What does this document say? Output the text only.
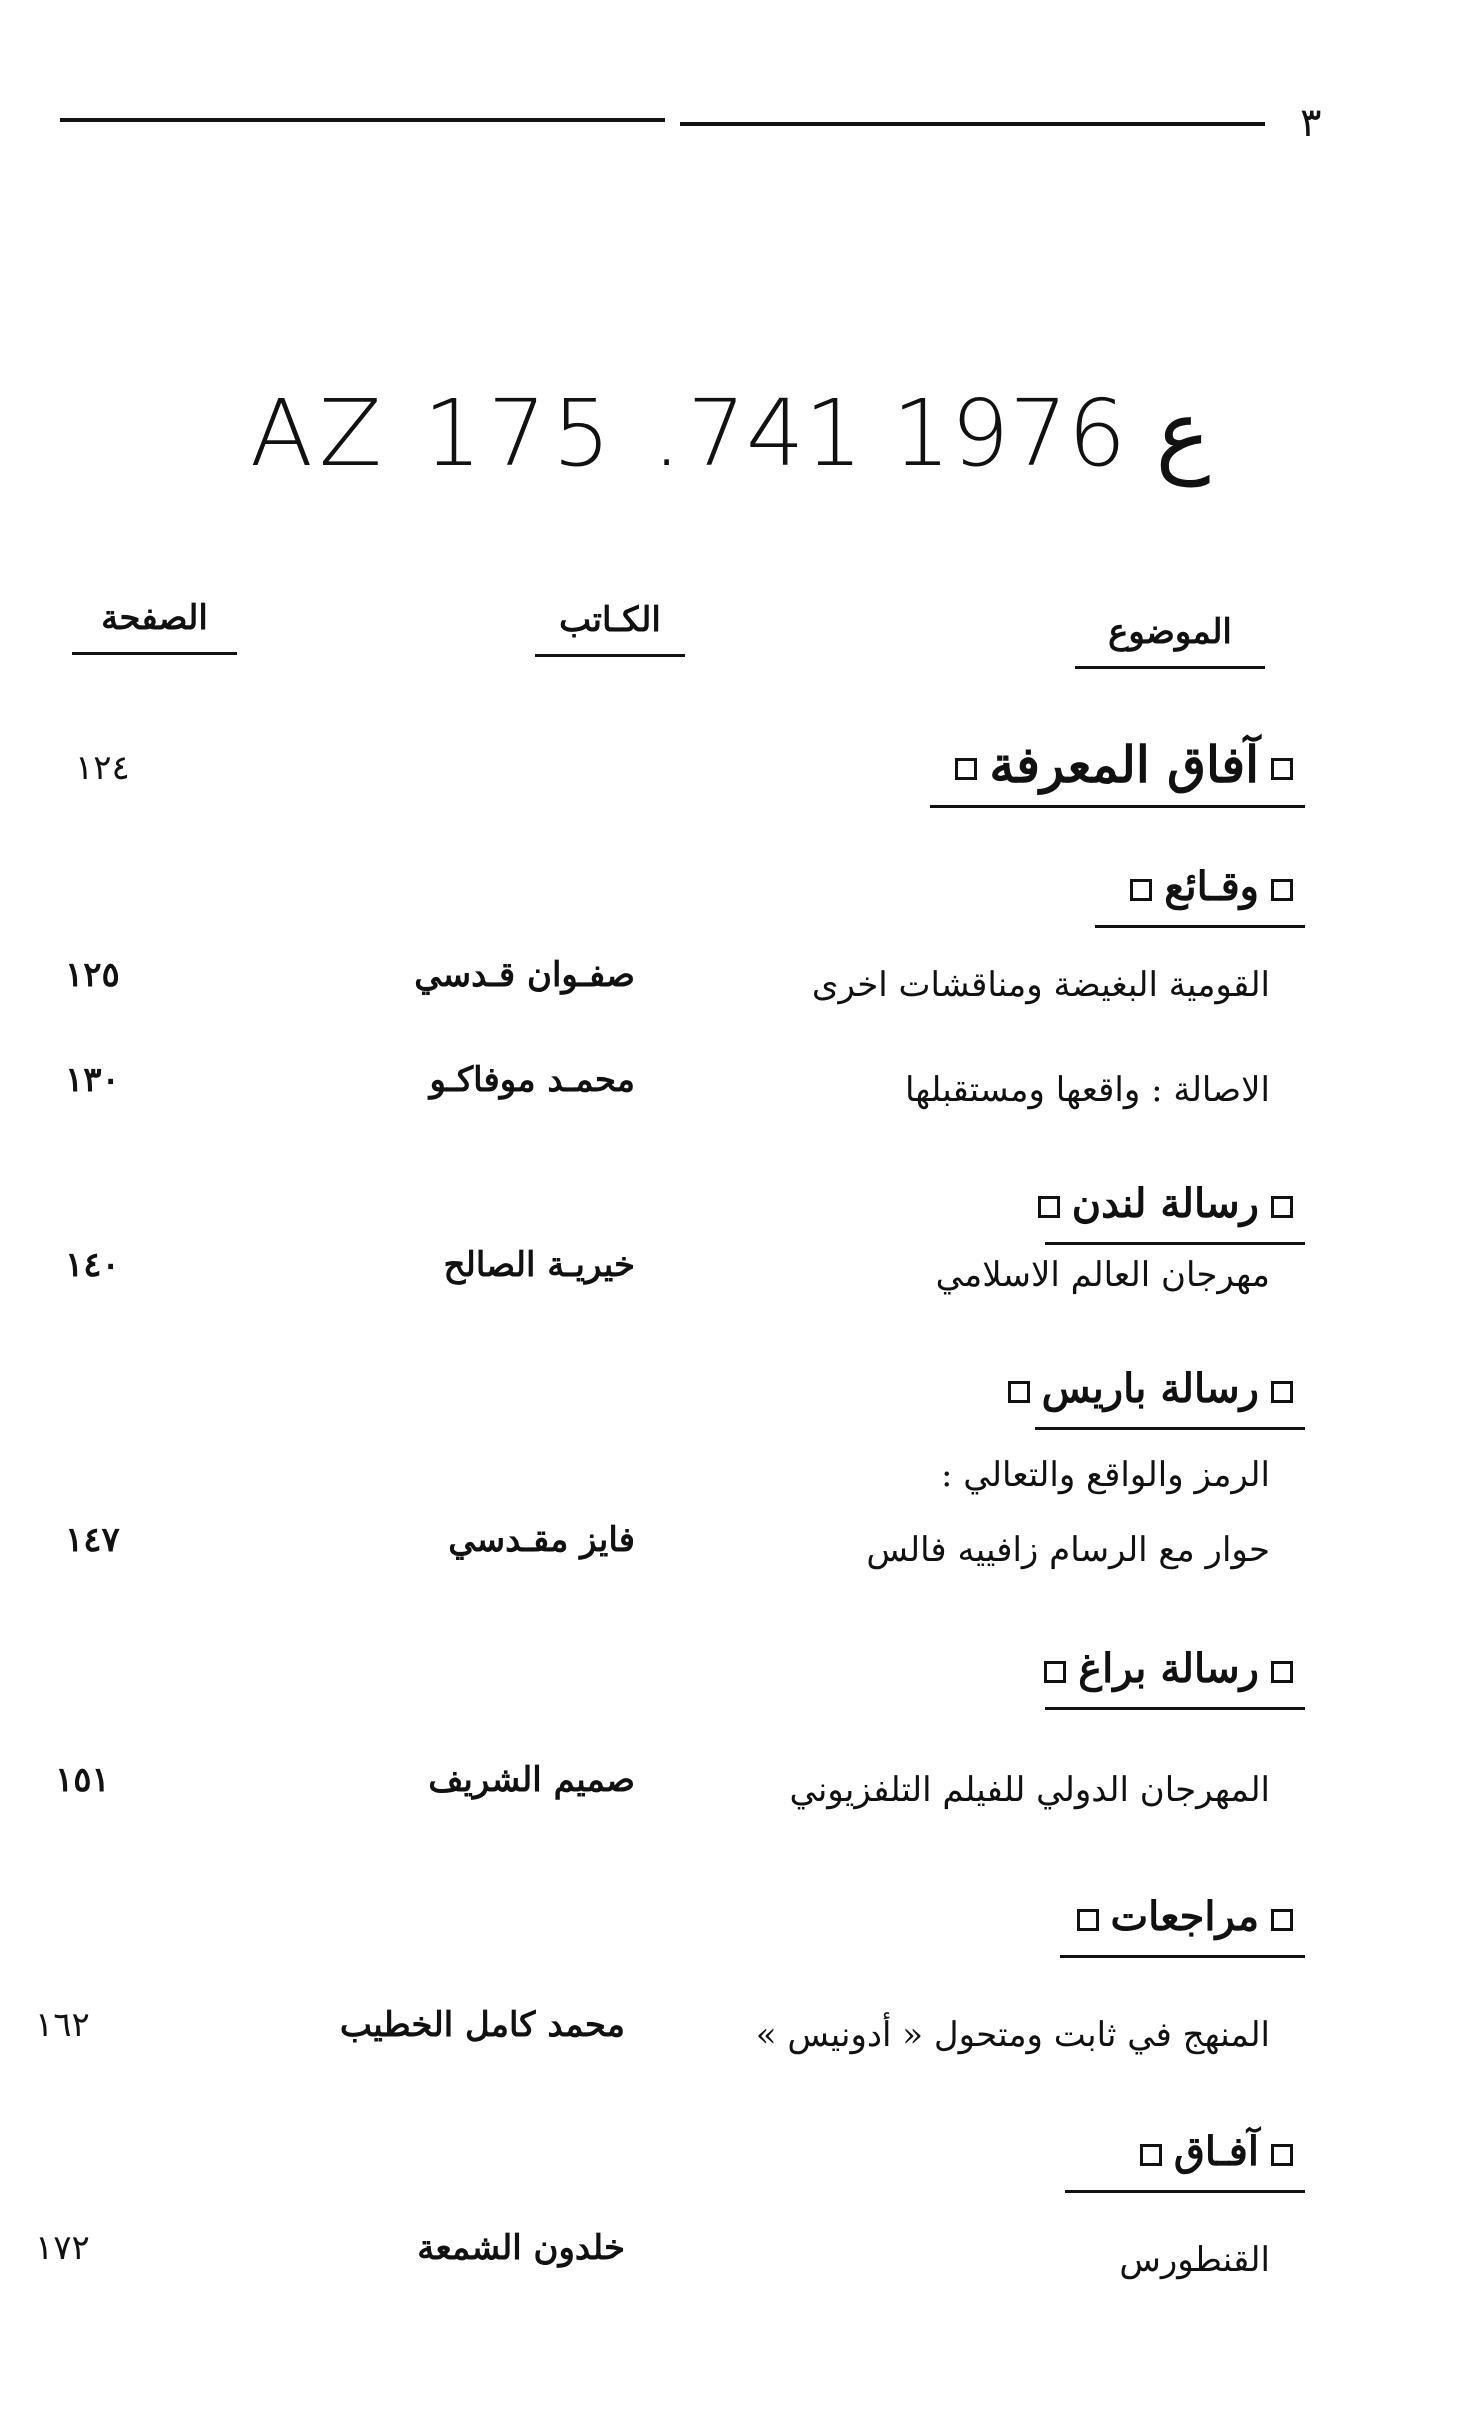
٣
AZ 175 .ع 1976 741
الموضوع
الكـاتب
الصفحة
آفاق المعرفة
١٢٤
وقـائع
القومية البغيضة ومناقشات اخرى
صفـوان قـدسي
١٢٥
الاصالة : واقعها ومستقبلها
محمـد موفاكـو
١٣٠
رسالة لندن
مهرجان العالم الاسلامي
خيريـة الصالح
١٤٠
رسالة باريس
الرمز والواقع والتعالي :
حوار مع الرسام زافييه فالس
فايز مقـدسي
١٤٧
رسالة براغ
المهرجان الدولي للفيلم التلفزيوني
صميم الشريف
١٥١
مراجعات
المنهج في ثابت ومتحول « أدونيس »
محمد كامل الخطيب
١٦٢
آفـاق
القنطورس
خلدون الشمعة
١٧٢
